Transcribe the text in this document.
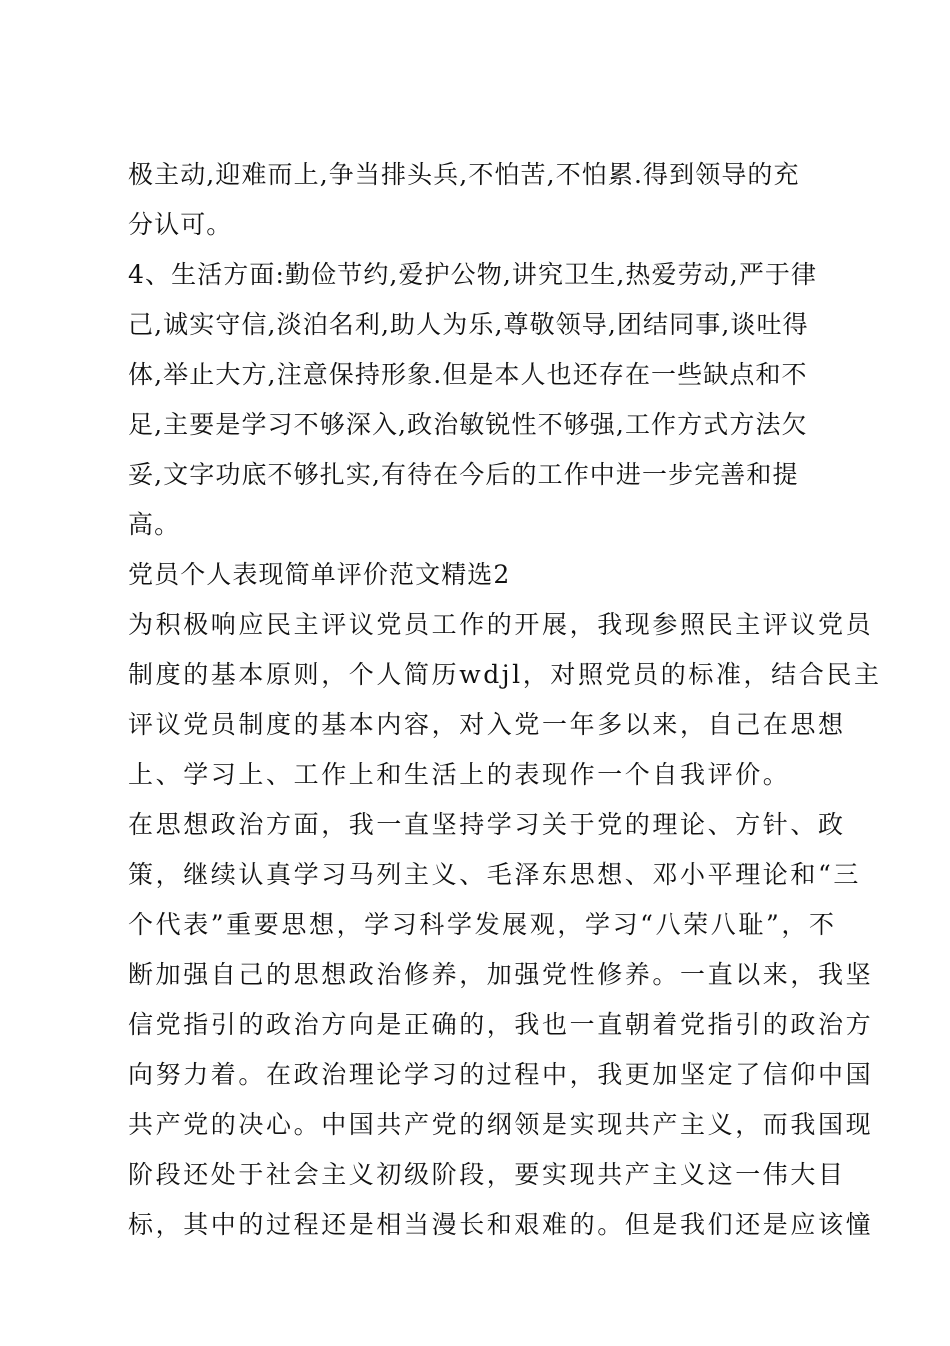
极主动,迎难而上,争当排头兵,不怕苦,不怕累.得到领导的充
分认可。
4、生活方面:勤俭节约,爱护公物,讲究卫生,热爱劳动,严于律
己,诚实守信,淡泊名利,助人为乐,尊敬领导,团结同事,谈吐得
体,举止大方,注意保持形象.但是本人也还存在一些缺点和不
足,主要是学习不够深入,政治敏锐性不够强,工作方式方法欠
妥,文字功底不够扎实,有待在今后的工作中进一步完善和提
高。
党员个人表现简单评价范文精选2
为积极响应民主评议党员工作的开展，我现参照民主评议党员
制度的基本原则，个人简历wdjl，对照党员的标准，结合民主
评议党员制度的基本内容，对入党一年多以来，自己在思想
上、学习上、工作上和生活上的表现作一个自我评价。
在思想政治方面，我一直坚持学习关于党的理论、方针、政
策，继续认真学习马列主义、毛泽东思想、邓小平理论和“三
个代表”重要思想，学习科学发展观，学习“八荣八耻”，不
断加强自己的思想政治修养，加强党性修养。一直以来，我坚
信党指引的政治方向是正确的，我也一直朝着党指引的政治方
向努力着。在政治理论学习的过程中，我更加坚定了信仰中国
共产党的决心。中国共产党的纲领是实现共产主义，而我国现
阶段还处于社会主义初级阶段，要实现共产主义这一伟大目
标，其中的过程还是相当漫长和艰难的。但是我们还是应该憧
